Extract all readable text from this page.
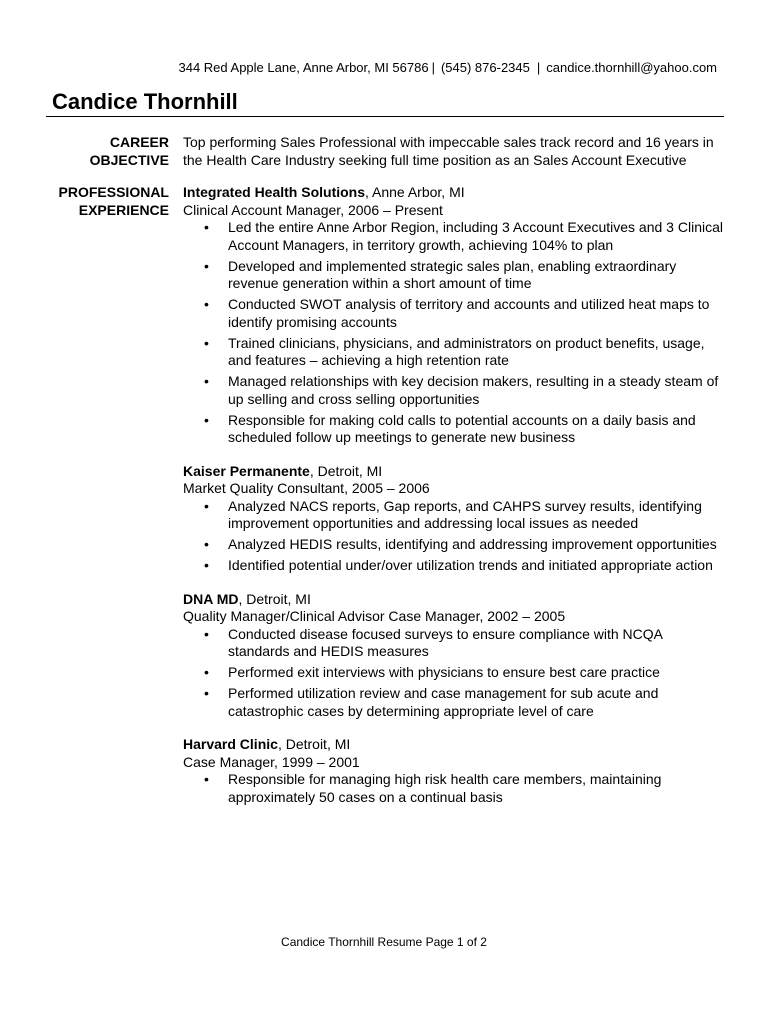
344 Red Apple Lane, Anne Arbor, MI 56786 | (545) 876-2345 | candice.thornhill@yahoo.com
Candice Thornhill
CAREER
OBJECTIVE
Top performing Sales Professional with impeccable sales track record and 16 years in the Health Care Industry seeking full time position as an Sales Account Executive
PROFESSIONAL
EXPERIENCE
Integrated Health Solutions, Anne Arbor, MI
Clinical Account Manager, 2006 – Present
• Led the entire Anne Arbor Region, including 3 Account Executives and 3 Clinical Account Managers, in territory growth, achieving 104% to plan
• Developed and implemented strategic sales plan, enabling extraordinary revenue generation within a short amount of time
• Conducted SWOT analysis of territory and accounts and utilized heat maps to identify promising accounts
• Trained clinicians, physicians, and administrators on product benefits, usage, and features – achieving a high retention rate
• Managed relationships with key decision makers, resulting in a steady steam of up selling and cross selling opportunities
• Responsible for making cold calls to potential accounts on a daily basis and scheduled follow up meetings to generate new business
Kaiser Permanente, Detroit, MI
Market Quality Consultant, 2005 – 2006
• Analyzed NACS reports, Gap reports, and CAHPS survey results, identifying improvement opportunities and addressing local issues as needed
• Analyzed HEDIS results, identifying and addressing improvement opportunities
• Identified potential under/over utilization trends and initiated appropriate action
DNA MD, Detroit, MI
Quality Manager/Clinical Advisor Case Manager, 2002 – 2005
• Conducted disease focused surveys to ensure compliance with NCQA standards and HEDIS measures
• Performed exit interviews with physicians to ensure best care practice
• Performed utilization review and case management for sub acute and catastrophic cases by determining appropriate level of care
Harvard Clinic, Detroit, MI
Case Manager, 1999 – 2001
• Responsible for managing high risk health care members, maintaining approximately 50 cases on a continual basis
Candice Thornhill Resume Page 1 of 2
